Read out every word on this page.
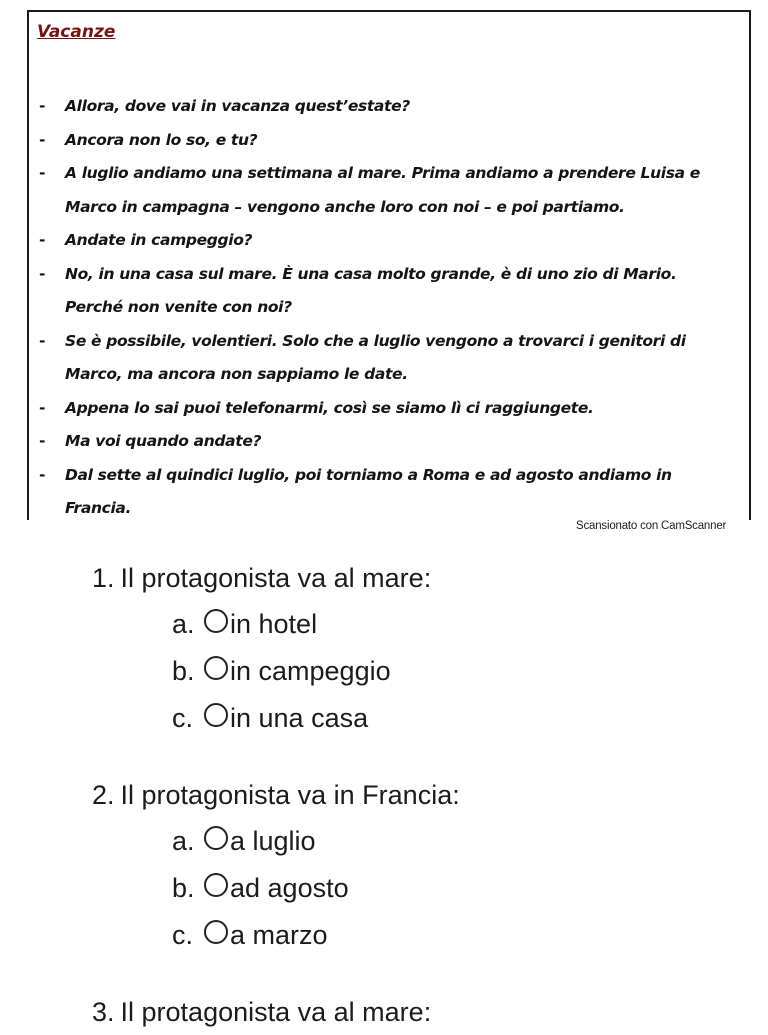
Vacanze
- Allora, dove vai in vacanza quest’estate?
- Ancora non lo so, e tu?
- A luglio andiamo una settimana al mare. Prima andiamo a prendere Luisa e Marco in campagna – vengono anche loro con noi – e poi partiamo.
- Andate in campeggio?
- No, in una casa sul mare. È una casa molto grande, è di uno zio di Mario. Perché non venite con noi?
- Se è possibile, volentieri. Solo che a luglio vengono a trovarci i genitori di Marco, ma ancora non sappiamo le date.
- Appena lo sai puoi telefonarmi, così se siamo lì ci raggiungete.
- Ma voi quando andate?
- Dal sette al quindici luglio, poi torniamo a Roma e ad agosto andiamo in Francia.
Scansionato con CamScanner
1. Il protagonista va al mare:
a.	in hotel
b.	in campeggio
c.	in una casa
2. Il protagonista va in Francia:
a.	a luglio
b.	ad agosto
c.	a marzo
3. Il protagonista va al mare:
